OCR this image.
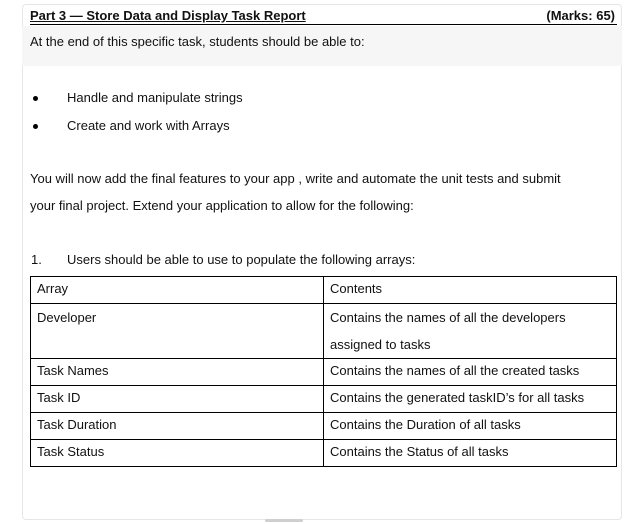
Part 3 — Store Data and Display Task Report	(Marks: 65)
At the end of this specific task, students should be able to:
Handle and manipulate strings
Create and work with Arrays
You will now add the final features to your app , write and automate the unit tests and submit
your final project. Extend your application to allow for the following:
1. Users should be able to use to populate the following arrays:
Array	Contents
Developer	Contains the names of all the developers
assigned to tasks

Task Names	Contains the names of all the created tasks
Task ID	Contains the generated taskID’s for all tasks
Task Duration	Contains the Duration of all tasks
Task Status	Contains the Status of all tasks
